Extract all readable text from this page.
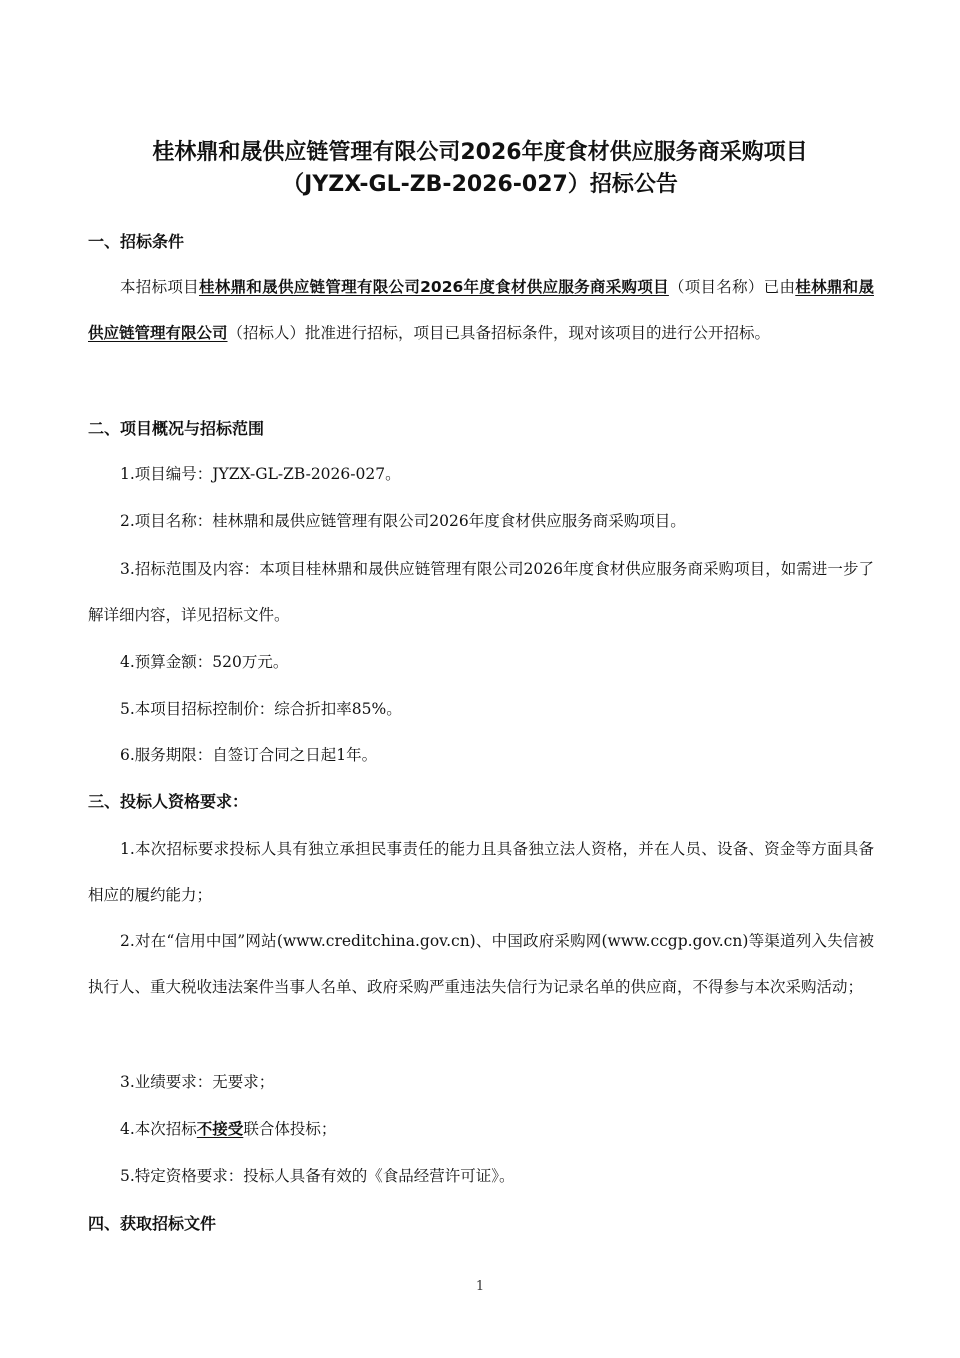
桂林鼎和晟供应链管理有限公司2026年度食材供应服务商采购项目
（JYZX-GL-ZB-2026-027）招标公告
一、招标条件

本招标项目桂林鼎和晟供应链管理有限公司2026年度食材供应服务商采购项目（项目名称）已由桂林鼎和晟供应链管理有限公司（招标人）批准进行招标，项目已具备招标条件，现对该项目的进行公开招标。

二、项目概况与招标范围
1.项目编号：JYZX-GL-ZB-2026-027。
2.项目名称：桂林鼎和晟供应链管理有限公司2026年度食材供应服务商采购项目。

3.招标范围及内容：本项目桂林鼎和晟供应链管理有限公司2026年度食材供应服务商采购项目，如需进一步了解详细内容，详见招标文件。

4.预算金额：520万元。
5.本项目招标控制价：综合折扣率85%。
6.服务期限：自签订合同之日起1年。
三、投标人资格要求：

1.本次招标要求投标人具有独立承担民事责任的能力且具备独立法人资格，并在人员、设备、资金等方面具备相应的履约能力；

2.对在“信用中国”网站(www.creditchina.gov.cn)、中国政府采购网(www.ccgp.gov.cn)等渠道列入失信被执行人、重大税收违法案件当事人名单、政府采购严重违法失信行为记录名单的供应商，不得参与本次采购活动；

3.业绩要求：无要求；
4.本次招标不接受联合体投标；
5.特定资格要求：投标人具备有效的《食品经营许可证》。
四、获取招标文件
1
